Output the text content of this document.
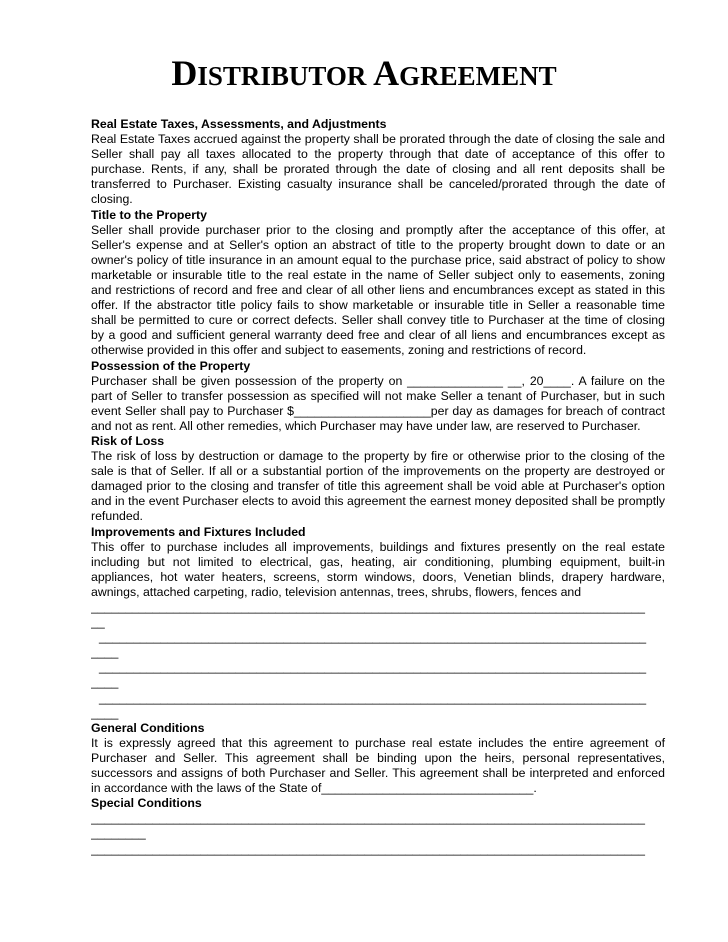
DISTRIBUTOR AGREEMENT

Real Estate Taxes, Assessments, and Adjustments

Real Estate Taxes accrued against the property shall be prorated through the date of closing the sale and Seller shall pay all taxes allocated to the property through that date of acceptance of this offer to purchase. Rents, if any, shall be prorated through the date of closing and all rent deposits shall be transferred to Purchaser. Existing casualty insurance shall be canceled/prorated through the date of closing.

Title to the Property

Seller shall provide purchaser prior to the closing and promptly after the acceptance of this offer, at Seller's expense and at Seller's option an abstract of title to the property brought down to date or an owner's policy of title insurance in an amount equal to the purchase price, said abstract of policy to show marketable or insurable title to the real estate in the name of Seller subject only to easements, zoning and restrictions of record and free and clear of all other liens and encumbrances except as stated in this offer. If the abstractor title policy fails to show marketable or insurable title in Seller a reasonable time shall be permitted to cure or correct defects. Seller shall convey title to Purchaser at the time of closing by a good and sufficient general warranty deed free and clear of all liens and encumbrances except as otherwise provided in this offer and subject to easements, zoning and restrictions of record.

Possession of the Property

Purchaser shall be given possession of the property on ______________ __, 20____. A failure on the part of Seller to transfer possession as specified will not make Seller a tenant of Purchaser, but in such event Seller shall pay to Purchaser $____________________per day as damages for breach of contract and not as rent. All other remedies, which Purchaser may have under law, are reserved to Purchaser.

Risk of Loss

The risk of loss by destruction or damage to the property by fire or otherwise prior to the closing of the sale is that of Seller. If all or a substantial portion of the improvements on the property are destroyed or damaged prior to the closing and transfer of title this agreement shall be void able at Purchaser's option and in the event Purchaser elects to avoid this agreement the earnest money deposited shall be promptly refunded.

Improvements and Fixtures Included

This offer to purchase includes all improvements, buildings and fixtures presently on the real estate including but not limited to electrical, gas, heating, air conditioning, plumbing equipment, built-in appliances, hot water heaters, screens, storm windows, doors, Venetian blinds, drapery hardware, awnings, attached carpeting, radio, television antennas, trees, shrubs, flowers, fences and

_________________________________________________________________________________

__

________________________________________________________________________________

____

________________________________________________________________________________

____

________________________________________________________________________________

____

General Conditions

It is expressly agreed that this agreement to purchase real estate includes the entire agreement of Purchaser and Seller. This agreement shall be binding upon the heirs, personal representatives, successors and assigns of both Purchaser and Seller. This agreement shall be interpreted and enforced in accordance with the laws of the State of_______________________________.

Special Conditions

_________________________________________________________________________________

________

_________________________________________________________________________________
